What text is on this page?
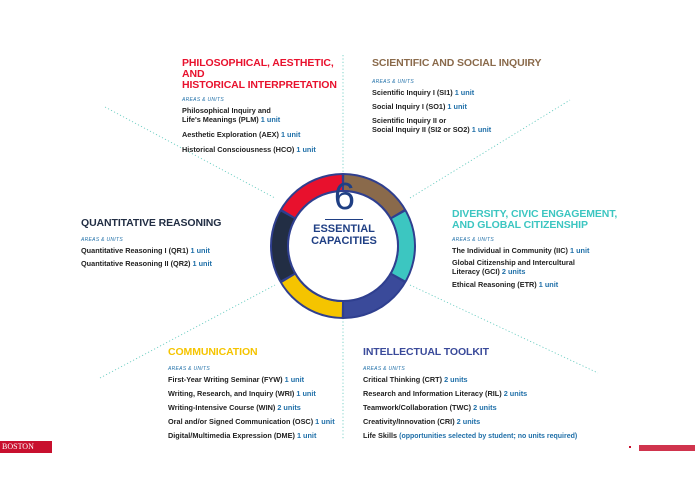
6
ESSENTIAL
CAPACITIES
PHILOSOPHICAL, AESTHETIC, AND
HISTORICAL INTERPRETATION
AREAS & UNITS
Philosophical Inquiry and
Life's Meanings (PLM) 1 unit
Aesthetic Exploration (AEX) 1 unit
Historical Consciousness (HCO) 1 unit
SCIENTIFIC AND SOCIAL INQUIRY
AREAS & UNITS
Scientific Inquiry I (SI1) 1 unit
Social Inquiry I (SO1) 1 unit
Scientific Inquiry II or
Social Inquiry II (SI2 or SO2) 1 unit
DIVERSITY, CIVIC ENGAGEMENT,
AND GLOBAL CITIZENSHIP
AREAS & UNITS
The Individual in Community (IIC) 1 unit
Global Citizenship and Intercultural
Literacy (GCI) 2 units
Ethical Reasoning (ETR) 1 unit
QUANTITATIVE REASONING
AREAS & UNITS
Quantitative Reasoning I (QR1) 1 unit
Quantitative Reasoning II (QR2) 1 unit
COMMUNICATION
AREAS & UNITS
First-Year Writing Seminar (FYW) 1 unit
Writing, Research, and Inquiry (WRI) 1 unit
Writing-Intensive Course (WIN) 2 units
Oral and/or Signed Communication (OSC) 1 unit
Digital/Multimedia Expression (DME) 1 unit
INTELLECTUAL TOOLKIT
AREAS & UNITS
Critical Thinking (CRT) 2 units
Research and Information Literacy (RIL) 2 units
Teamwork/Collaboration (TWC) 2 units
Creativity/Innovation (CRI) 2 units
Life Skills (opportunities selected by student; no units required)
BOSTON
